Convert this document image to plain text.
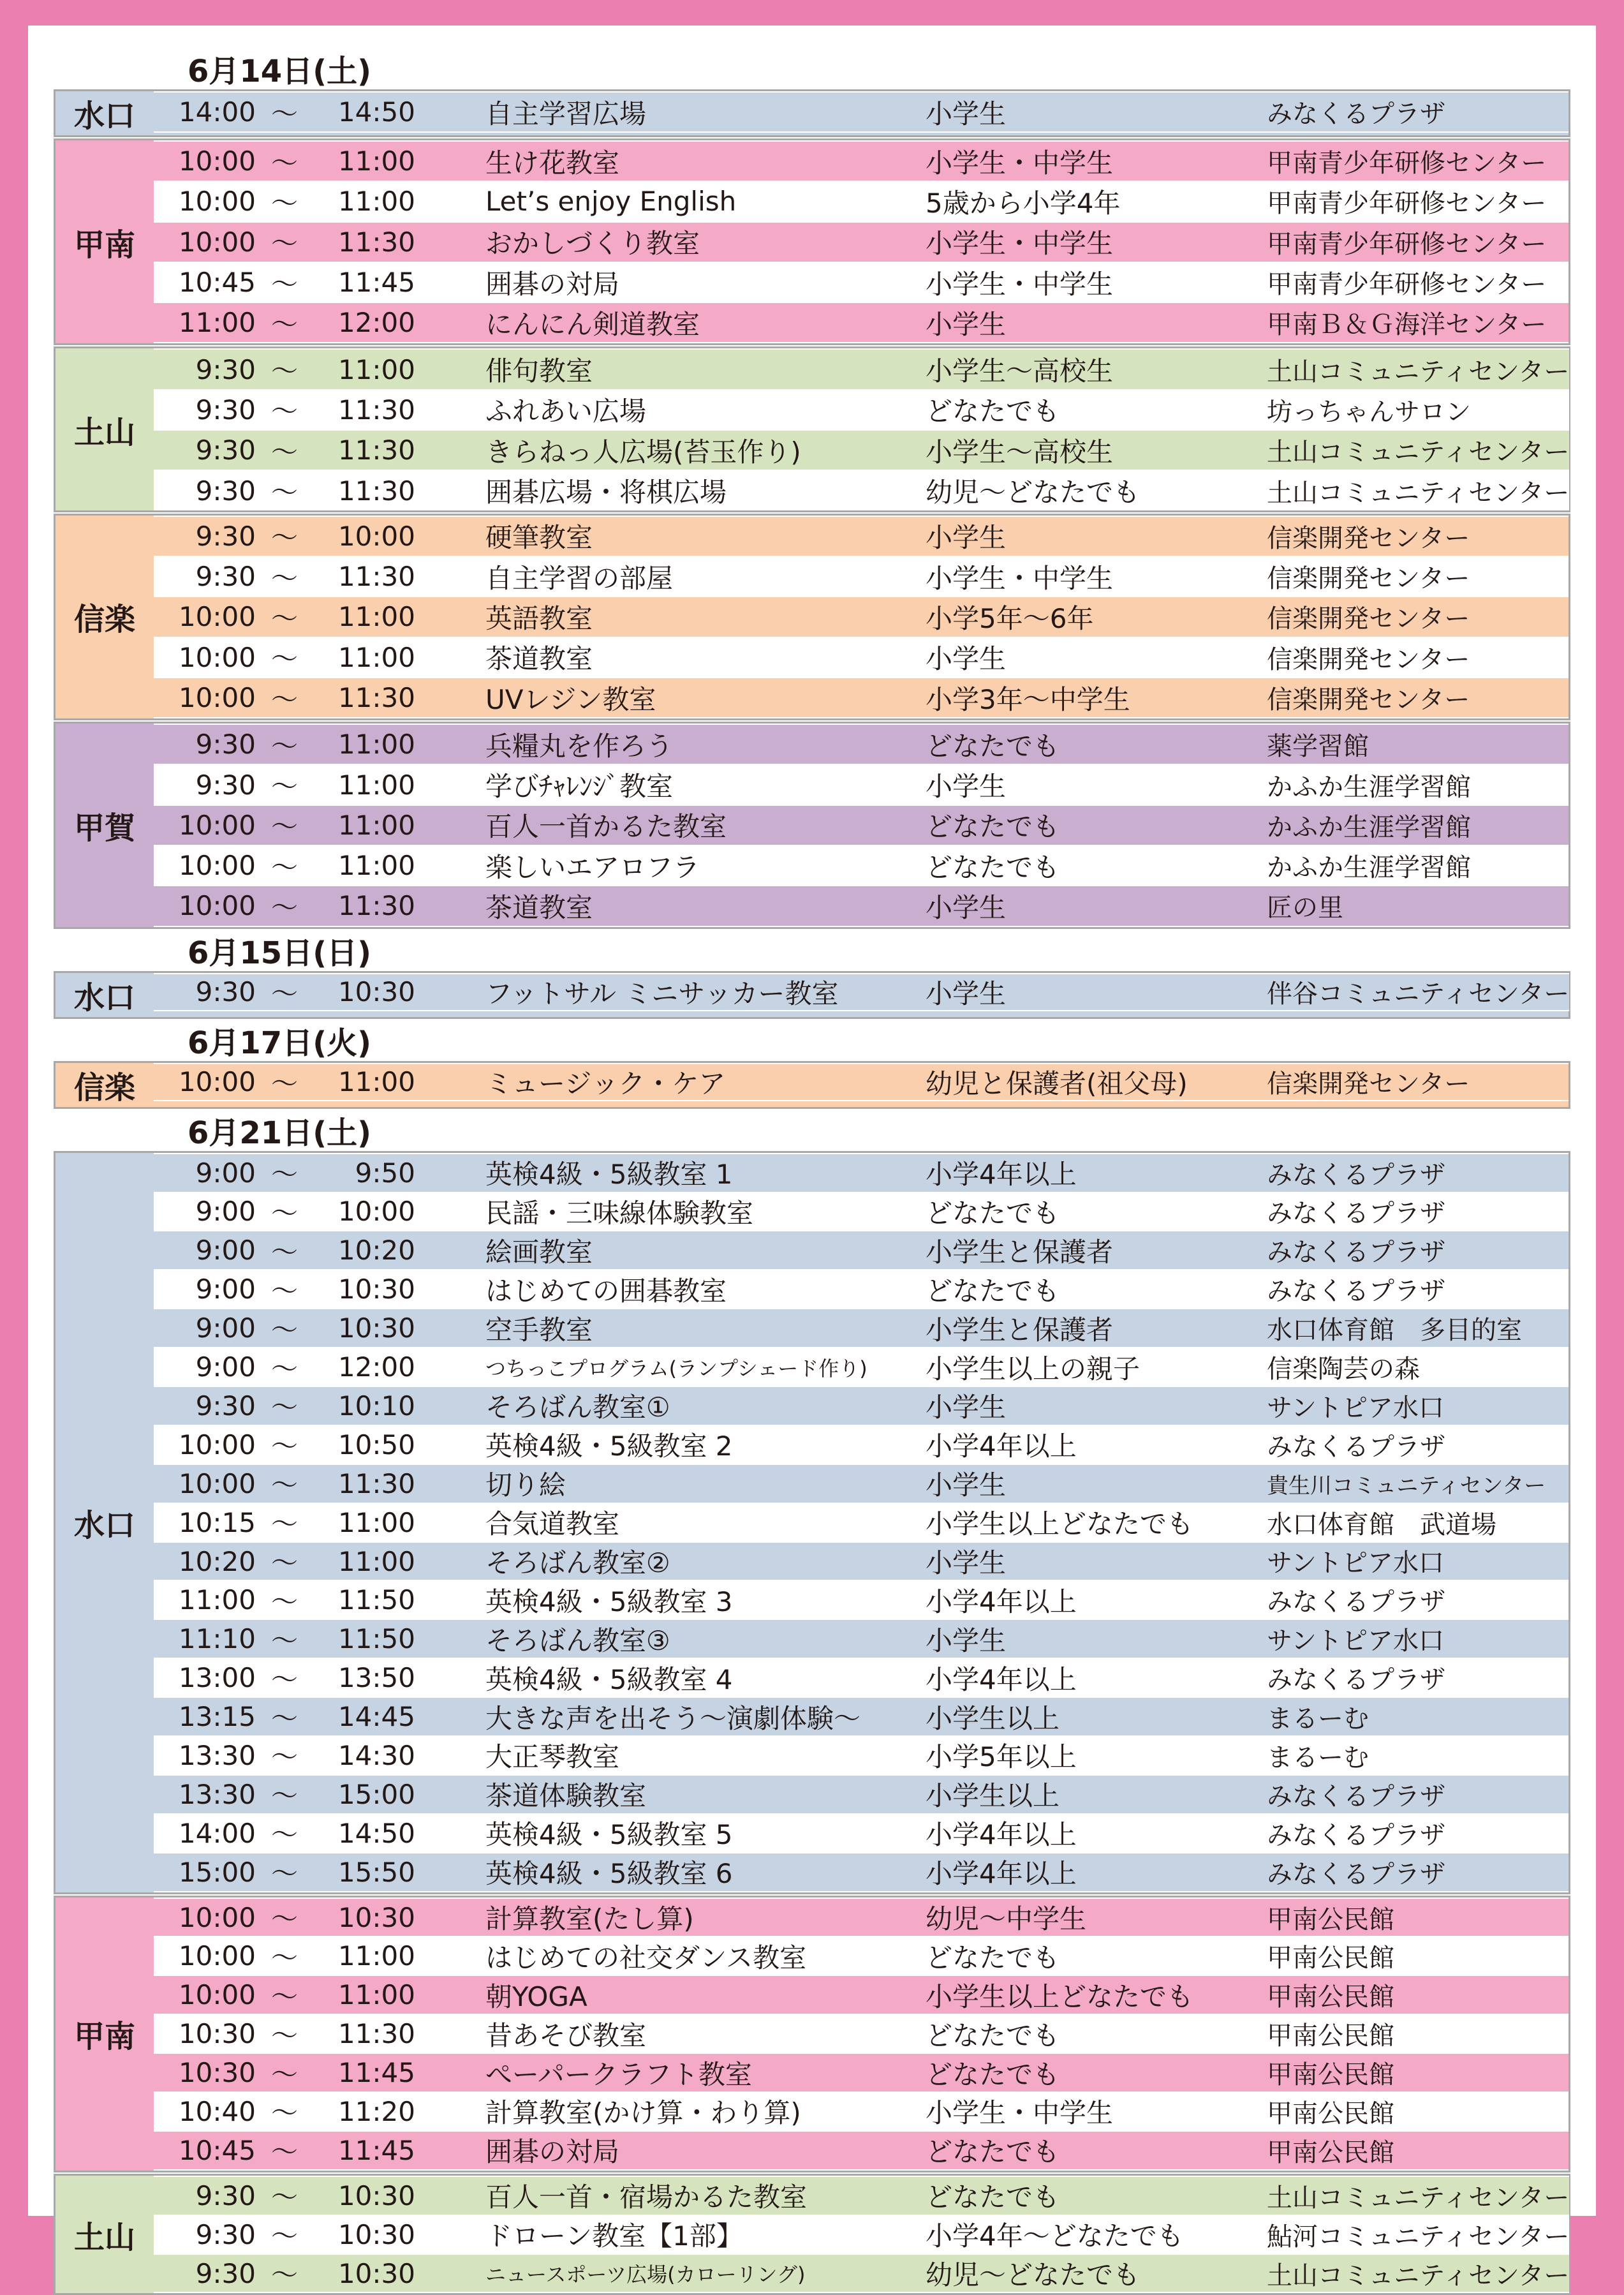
6月14日(土)
水口	14:00 ～	14:50	自主学習広場	小学生	みなくるプラザ
甲南
10:00 ～	11:00	生け花教室	小学生・中学生	甲南青少年研修センター
10:00 ～	11:00	Let’s enjoy English	5歳から小学4年	甲南青少年研修センター
10:00 ～	11:30	おかしづくり教室	小学生・中学生	甲南青少年研修センター
10:45 ～	11:45	囲碁の対局	小学生・中学生	甲南青少年研修センター
11:00 ～	12:00	にんにん剣道教室	小学生	甲南Ｂ＆Ｇ海洋センター
土山
9:30 ～	11:00	俳句教室	小学生～高校生	土山コミュニティセンター
9:30 ～	11:30	ふれあい広場	どなたでも	坊っちゃんサロン
9:30 ～	11:30	きらねっ人広場(苔玉作り)	小学生～高校生	土山コミュニティセンター
9:30 ～	11:30	囲碁広場・将棋広場	幼児～どなたでも	土山コミュニティセンター
信楽
9:30 ～	10:00	硬筆教室	小学生	信楽開発センター
9:30 ～	11:30	自主学習の部屋	小学生・中学生	信楽開発センター
10:00 ～	11:00	英語教室	小学5年～6年	信楽開発センター
10:00 ～	11:00	茶道教室	小学生	信楽開発センター
10:00 ～	11:30	UVレジン教室	小学3年～中学生	信楽開発センター
甲賀
9:30 ～	11:00	兵糧丸を作ろう	どなたでも	薬学習館
9:30 ～	11:00	学びﾁｬﾚﾝｼﾞ教室	小学生	かふか生涯学習館
10:00 ～	11:00	百人一首かるた教室	どなたでも	かふか生涯学習館
10:00 ～	11:00	楽しいエアロフラ	どなたでも	かふか生涯学習館
10:00 ～	11:30	茶道教室	小学生	匠の里
6月15日(日)
水口	9:30 ～	10:30	フットサル ミニサッカー教室	小学生	伴谷コミュニティセンター
6月17日(火)
信楽	10:00 ～	11:00	ミュージック・ケア	幼児と保護者(祖父母)	信楽開発センター
6月21日(土)
水口
9:00 ～	9:50	英検4級・5級教室 1	小学4年以上	みなくるプラザ
9:00 ～	10:00	民謡・三味線体験教室	どなたでも	みなくるプラザ
9:00 ～	10:20	絵画教室	小学生と保護者	みなくるプラザ
9:00 ～	10:30	はじめての囲碁教室	どなたでも	みなくるプラザ
9:00 ～	10:30	空手教室	小学生と保護者	水口体育館　多目的室
9:00 ～	12:00	つちっこプログラム(ランプシェード作り)	小学生以上の親子	信楽陶芸の森
9:30 ～	10:10	そろばん教室①	小学生	サントピア水口
10:00 ～	10:50	英検4級・5級教室 2	小学4年以上	みなくるプラザ
10:00 ～	11:30	切り絵	小学生	貴生川コミュニティセンター
10:15 ～	11:00	合気道教室	小学生以上どなたでも	水口体育館　武道場
10:20 ～	11:00	そろばん教室②	小学生	サントピア水口
11:00 ～	11:50	英検4級・5級教室 3	小学4年以上	みなくるプラザ
11:10 ～	11:50	そろばん教室③	小学生	サントピア水口
13:00 ～	13:50	英検4級・5級教室 4	小学4年以上	みなくるプラザ
13:15 ～	14:45	大きな声を出そう～演劇体験～	小学生以上	まるーむ
13:30 ～	14:30	大正琴教室	小学5年以上	まるーむ
13:30 ～	15:00	茶道体験教室	小学生以上	みなくるプラザ
14:00 ～	14:50	英検4級・5級教室 5	小学4年以上	みなくるプラザ
15:00 ～	15:50	英検4級・5級教室 6	小学4年以上	みなくるプラザ
甲南
10:00 ～	10:30	計算教室(たし算)	幼児～中学生	甲南公民館
10:00 ～	11:00	はじめての社交ダンス教室	どなたでも	甲南公民館
10:00 ～	11:00	朝YOGA	小学生以上どなたでも	甲南公民館
10:30 ～	11:30	昔あそび教室	どなたでも	甲南公民館
10:30 ～	11:45	ぺーパークラフト教室	どなたでも	甲南公民館
10:40 ～	11:20	計算教室(かけ算・わり算)	小学生・中学生	甲南公民館
10:45 ～	11:45	囲碁の対局	どなたでも	甲南公民館
土山
9:30 ～	10:30	百人一首・宿場かるた教室	どなたでも	土山コミュニティセンター
9:30 ～	10:30	ドローン教室【1部】	小学4年～どなたでも	鮎河コミュニティセンター
9:30 ～	10:30	ニュースポーツ広場(カローリング)	幼児～どなたでも	土山コミュニティセンター
